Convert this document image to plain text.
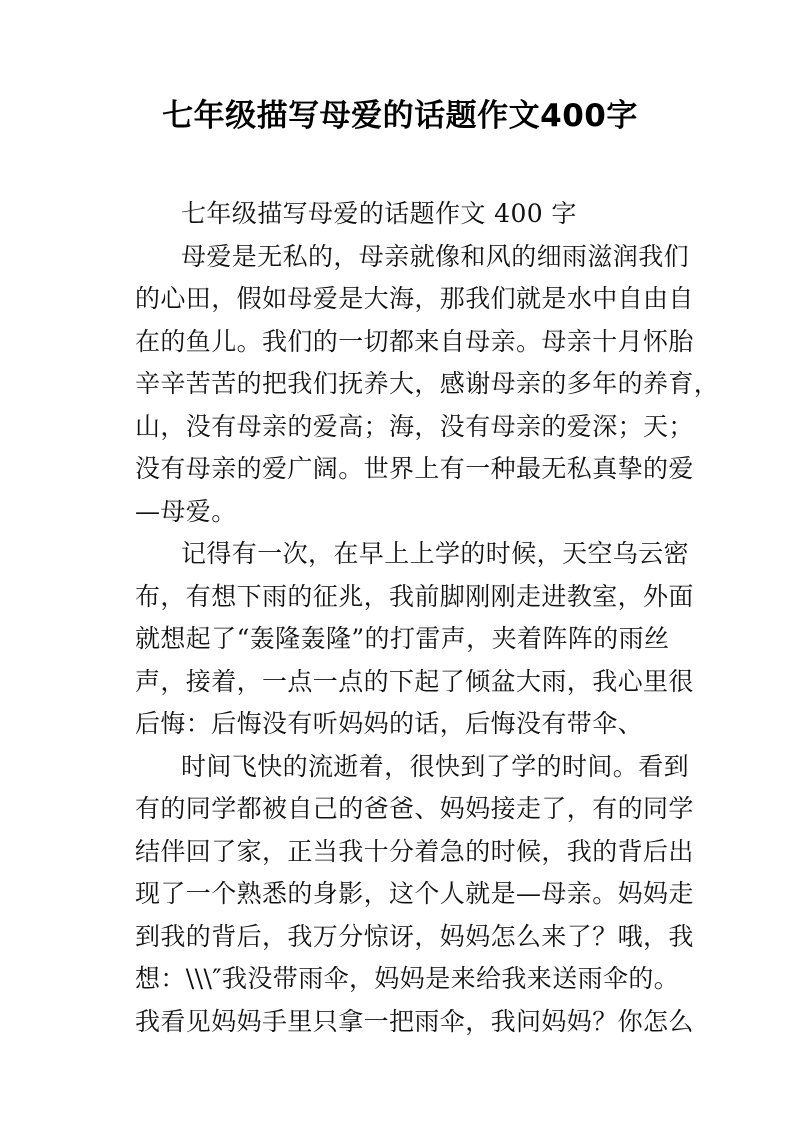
七年级描写母爱的话题作文400字
七年级描写母爱的话题作文 400 字
母爱是无私的，母亲就像和风的细雨滋润我们
的心田，假如母爱是大海，那我们就是水中自由自
在的鱼儿。我们的一切都来自母亲。母亲十月怀胎
辛辛苦苦的把我们抚养大，感谢母亲的多年的养育，
山，没有母亲的爱高；海，没有母亲的爱深；天；
没有母亲的爱广阔。世界上有一种最无私真挚的爱
—母爱。
记得有一次，在早上上学的时候，天空乌云密
布，有想下雨的征兆，我前脚刚刚走进教室，外面
就想起了“轰隆轰隆”的打雷声，夹着阵阵的雨丝
声，接着，一点一点的下起了倾盆大雨，我心里很
后悔：后悔没有听妈妈的话，后悔没有带伞、
时间飞快的流逝着，很快到了学的时间。看到
有的同学都被自己的爸爸、妈妈接走了，有的同学
结伴回了家，正当我十分着急的时候，我的背后出
现了一个熟悉的身影，这个人就是—母亲。妈妈走
到我的背后，我万分惊讶，妈妈怎么来了？哦，我
想：\\\″我没带雨伞，妈妈是来给我来送雨伞的。
我看见妈妈手里只拿一把雨伞，我问妈妈？你怎么
